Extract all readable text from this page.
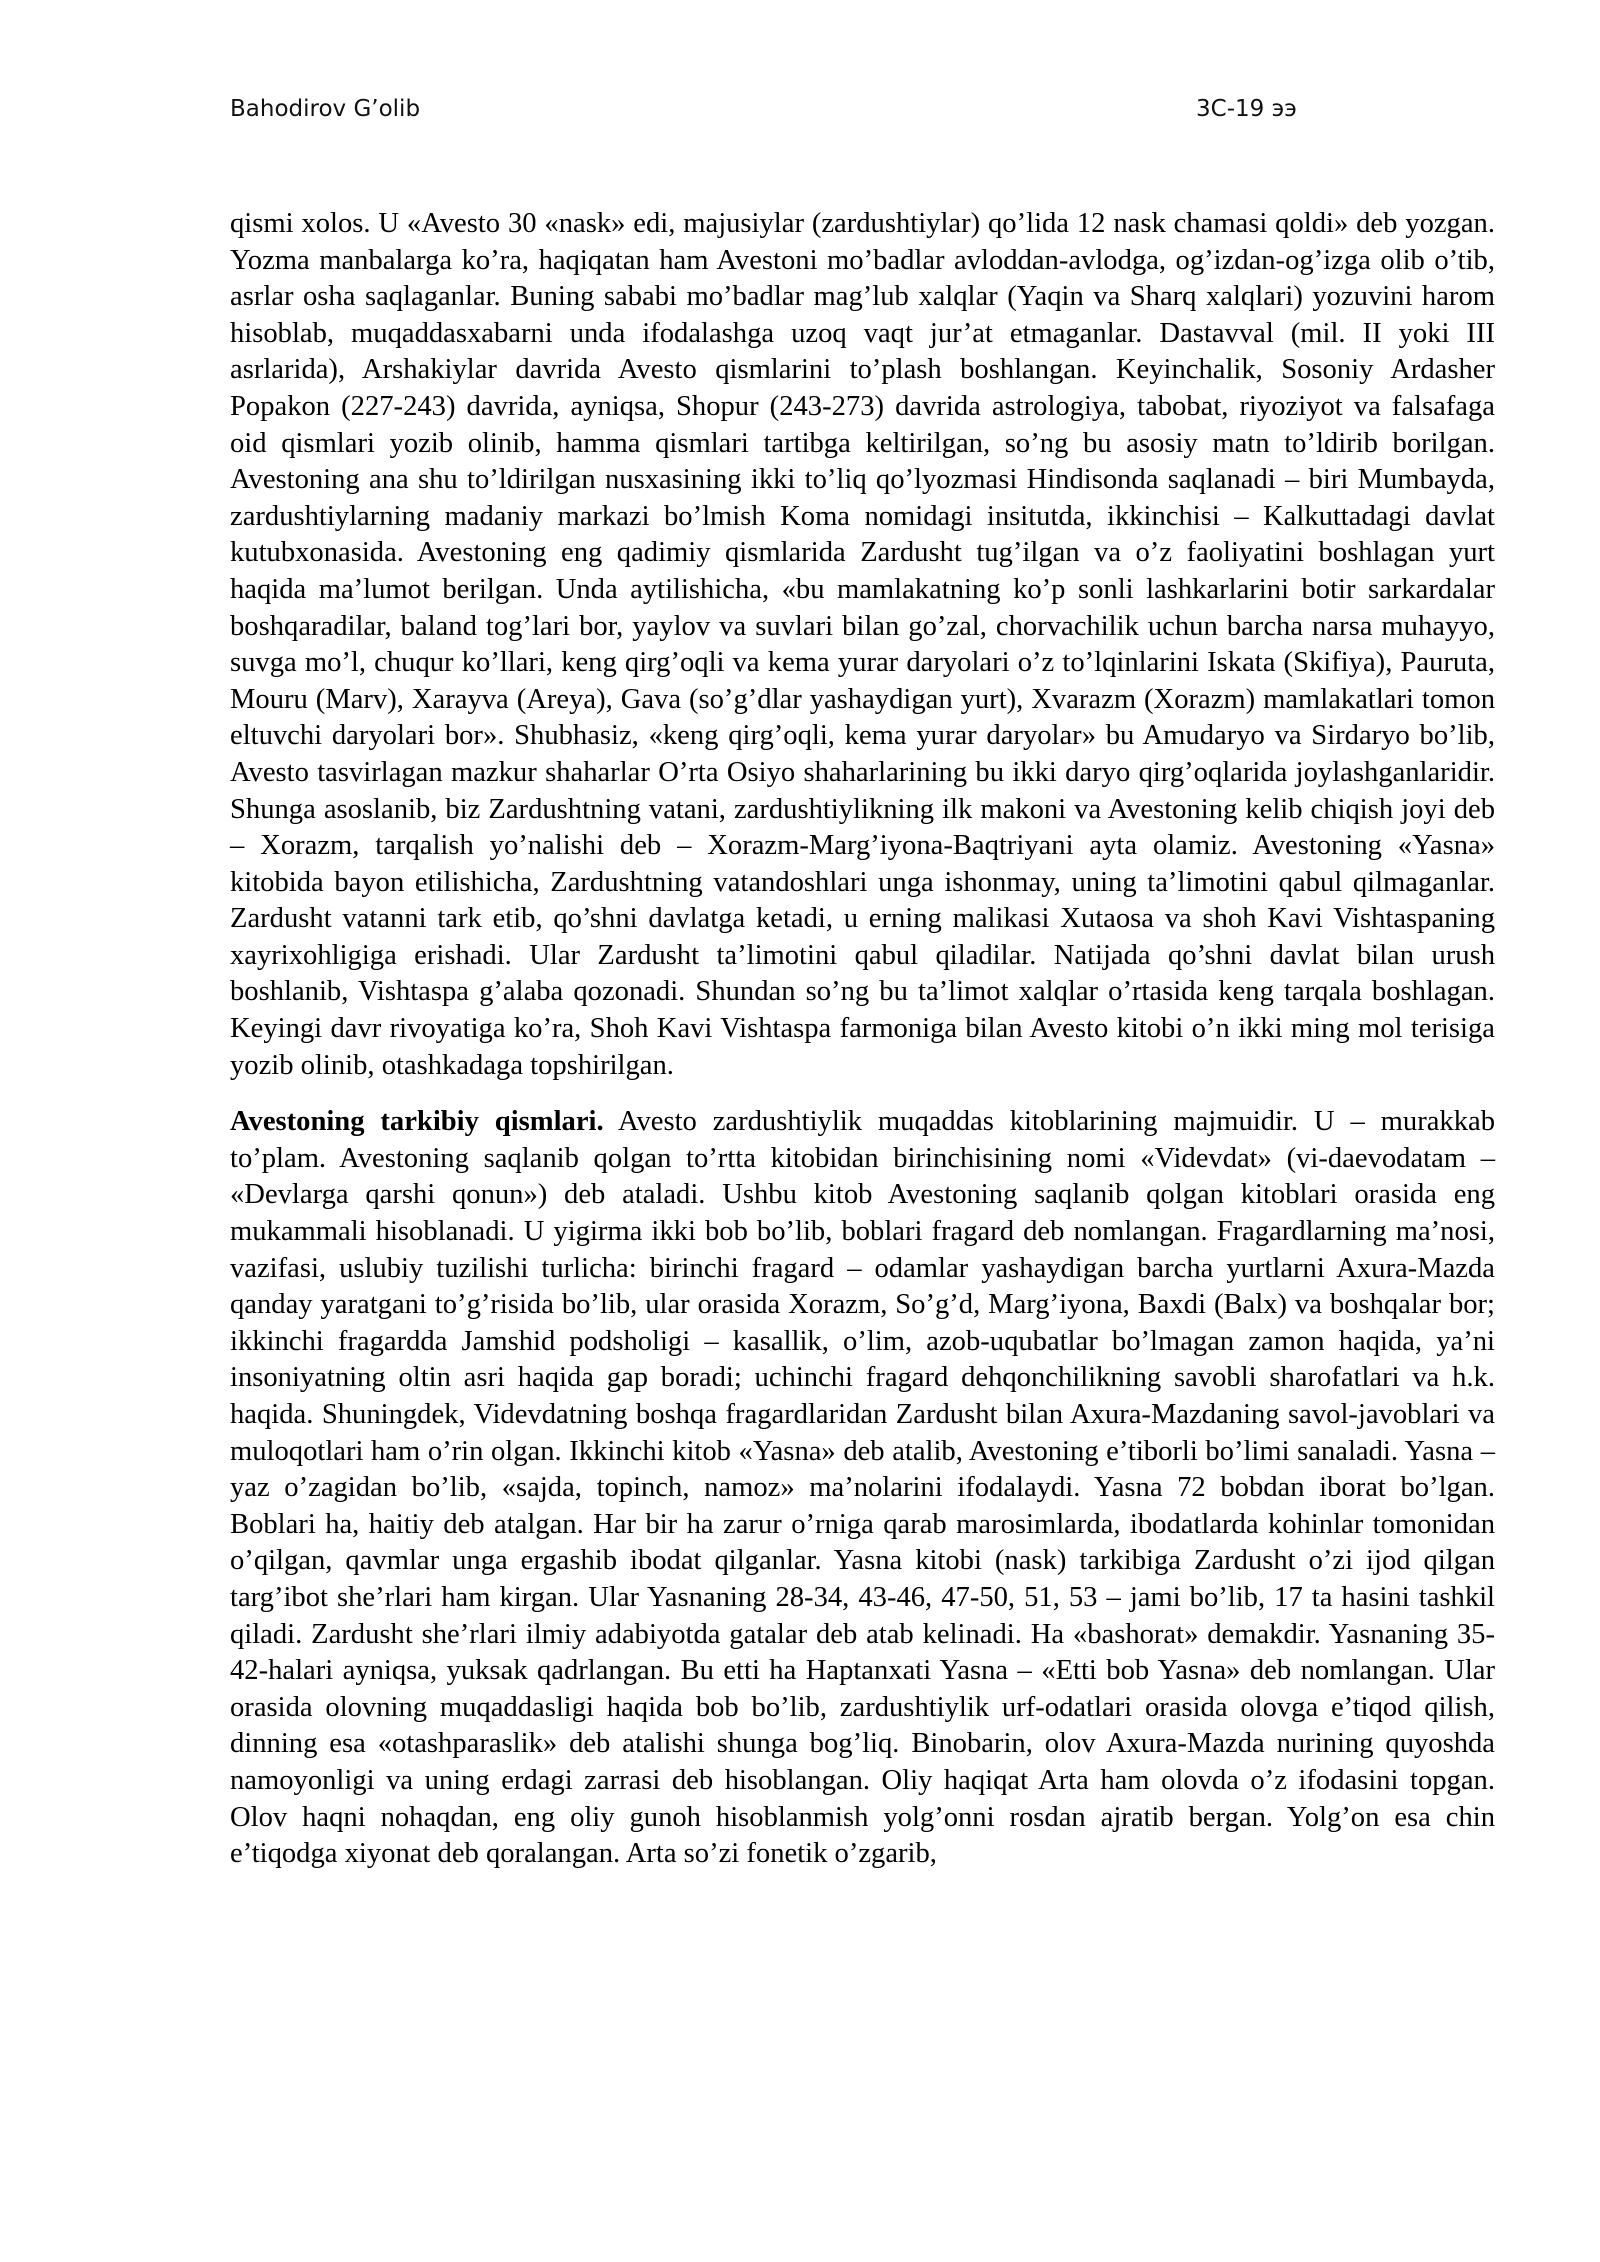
Bahodirov G’olib	3C-19 ээ

qismi xolos. U «Avesto 30 «nask» edi, majusiylar (zardushtiylar) qo’lida 12 nask chamasi qoldi» deb yozgan. Yozma manbalarga ko’ra, haqiqatan ham Avestoni mo’badlar avloddan-avlodga, og’izdan-og’izga olib o’tib, asrlar osha saqlaganlar. Buning sababi mo’badlar mag’lub xalqlar (Yaqin va Sharq xalqlari) yozuvini harom hisoblab, muqaddasxabarni unda ifodalashga uzoq vaqt jur’at etmaganlar. Dastavval (mil. II yoki III asrlarida), Arshakiylar davrida Avesto qismlarini to’plash boshlangan. Keyinchalik, Sosoniy Ardasher Popakon (227-243) davrida, ayniqsa, Shopur (243-273) davrida astrologiya, tabobat, riyoziyot va falsafaga oid qismlari yozib olinib, hamma qismlari tartibga keltirilgan, so’ng bu asosiy matn to’ldirib borilgan. Avestoning ana shu to’ldirilgan nusxasining ikki to’liq qo’lyozmasi Hindisonda saqlanadi – biri Mumbayda, zardushtiylarning madaniy markazi bo’lmish Koma nomidagi insitutda, ikkinchisi – Kalkuttadagi davlat kutubxonasida. Avestoning eng qadimiy qismlarida Zardusht tug’ilgan va o’z faoliyatini boshlagan yurt haqida ma’lumot berilgan. Unda aytilishicha, «bu mamlakatning ko’p sonli lashkarlarini botir sarkardalar boshqaradilar, baland tog’lari bor, yaylov va suvlari bilan go’zal, chorvachilik uchun barcha narsa muhayyo, suvga mo’l, chuqur ko’llari, keng qirg’oqli va kema yurar daryolari o’z to’lqinlarini Iskata (Skifiya), Pauruta, Mouru (Marv), Xarayva (Areya), Gava (so’g’dlar yashaydigan yurt), Xvarazm (Xorazm) mamlakatlari tomon eltuvchi daryolari bor». Shubhasiz, «keng qirg’oqli, kema yurar daryolar» bu Amudaryo va Sirdaryo bo’lib, Avesto tasvirlagan mazkur shaharlar O’rta Osiyo shaharlarining bu ikki daryo qirg’oqlarida joylashganlaridir. Shunga asoslanib, biz Zardushtning vatani, zardushtiylikning ilk makoni va Avestoning kelib chiqish joyi deb – Xorazm, tarqalish yo’nalishi deb – Xorazm-Marg’iyona-Baqtriyani ayta olamiz. Avestoning «Yasna» kitobida bayon etilishicha, Zardushtning vatandoshlari unga ishonmay, uning ta’limotini qabul qilmaganlar. Zardusht vatanni tark etib, qo’shni davlatga ketadi, u erning malikasi Xutaosa va shoh Kavi Vishtaspaning xayrixohligiga erishadi. Ular Zardusht ta’limotini qabul qiladilar. Natijada qo’shni davlat bilan urush boshlanib, Vishtaspa g’alaba qozonadi. Shundan so’ng bu ta’limot xalqlar o’rtasida keng tarqala boshlagan. Keyingi davr rivoyatiga ko’ra, Shoh Kavi Vishtaspa farmoniga bilan Avesto kitobi o’n ikki ming mol terisiga yozib olinib, otashkadaga topshirilgan.

Avestoning tarkibiy qismlari. Avesto zardushtiylik muqaddas kitoblarining majmuidir. U – murakkab to’plam. Avestoning saqlanib qolgan to’rtta kitobidan birinchisining nomi «Videvdat» (vi-daevodatam – «Devlarga qarshi qonun») deb ataladi. Ushbu kitob Avestoning saqlanib qolgan kitoblari orasida eng mukammali hisoblanadi. U yigirma ikki bob bo’lib, boblari fragard deb nomlangan. Fragardlarning ma’nosi, vazifasi, uslubiy tuzilishi turlicha: birinchi fragard – odamlar yashaydigan barcha yurtlarni Axura-Mazda qanday yaratgani to’g’risida bo’lib, ular orasida Xorazm, So’g’d, Marg’iyona, Baxdi (Balx) va boshqalar bor; ikkinchi fragardda Jamshid podsholigi – kasallik, o’lim, azob-uqubatlar bo’lmagan zamon haqida, ya’ni insoniyatning oltin asri haqida gap boradi; uchinchi fragard dehqonchilikning savobli sharofatlari va h.k. haqida. Shuningdek, Videvdatning boshqa fragardlaridan Zardusht bilan Axura-Mazdaning savol-javoblari va muloqotlari ham o’rin olgan. Ikkinchi kitob «Yasna» deb atalib, Avestoning e’tiborli bo’limi sanaladi. Yasna – yaz o’zagidan bo’lib, «sajda, topinch, namoz» ma’nolarini ifodalaydi. Yasna 72 bobdan iborat bo’lgan. Boblari ha, haitiy deb atalgan. Har bir ha zarur o’rniga qarab marosimlarda, ibodatlarda kohinlar tomonidan o’qilgan, qavmlar unga ergashib ibodat qilganlar. Yasna kitobi (nask) tarkibiga Zardusht o’zi ijod qilgan targ’ibot she’rlari ham kirgan. Ular Yasnaning 28-34, 43-46, 47-50, 51, 53 – jami bo’lib, 17 ta hasini tashkil qiladi. Zardusht she’rlari ilmiy adabiyotda gatalar deb atab kelinadi. Ha «bashorat» demakdir. Yasnaning 35-42-halari ayniqsa, yuksak qadrlangan. Bu etti ha Haptanxati Yasna – «Etti bob Yasna» deb nomlangan. Ular orasida olovning muqaddasligi haqida bob bo’lib, zardushtiylik urf-odatlari orasida olovga e’tiqod qilish, dinning esa «otashparaslik» deb atalishi shunga bog’liq. Binobarin, olov Axura-Mazda nurining quyoshda namoyonligi va uning erdagi zarrasi deb hisoblangan. Oliy haqiqat Arta ham olovda o’z ifodasini topgan. Olov haqni nohaqdan, eng oliy gunoh hisoblanmish yolg’onni rosdan ajratib bergan. Yolg’on esa chin e’tiqodga xiyonat deb qoralangan. Arta so’zi fonetik o’zgarib,
